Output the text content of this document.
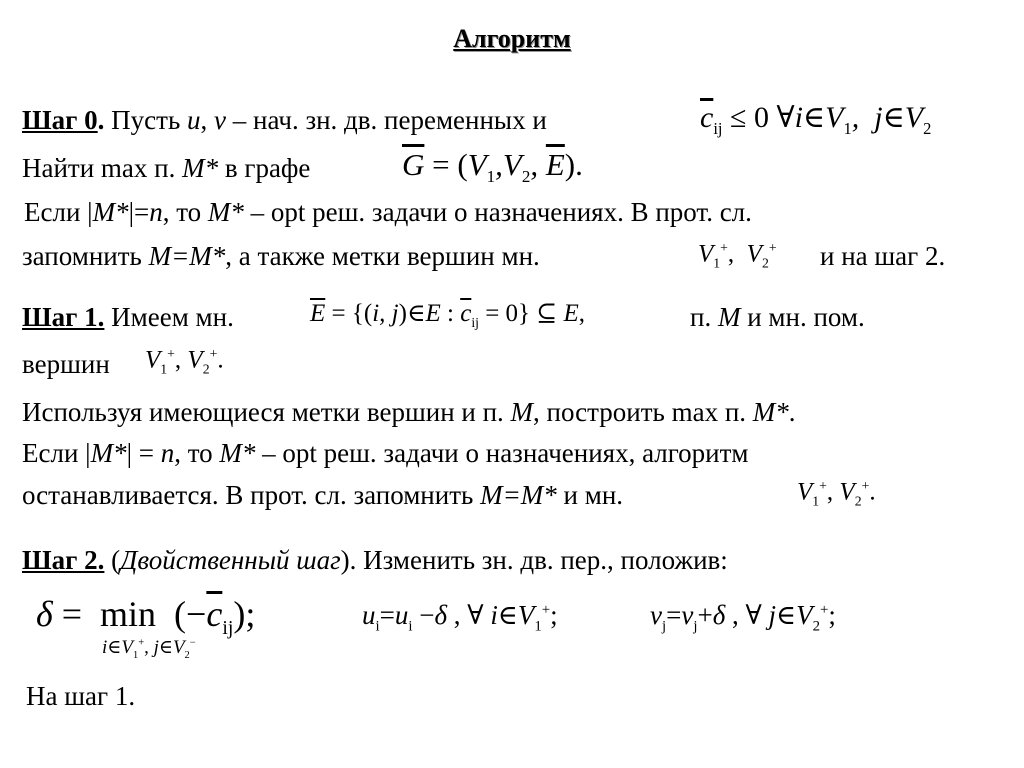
Алгоритм
Шаг 0. Пусть u, v – нач. зн. дв. переменных и	$\overline{c}_{ij} \le 0$ $\forall i\in V_1$,  $j\in V_2$
Найти max п. M* в графе	$\overline{G} = (V_1,V_2$, $\overline{E}$).
Если |M*|=n, то M* – opt реш. задачи о назначениях. В прот. сл.
запомнить M=M*, а также метки вершин мн.	$V_1^+$,  $V_2^+$ и на шаг 2.
Шаг 1. Имеем мн.	$\overline{E} = \{(i$, j)∈E : $\overline{c}_{ij} = 0$} ⊆ E,	п. M и мн. пом.
вершин $V_1^+$, $V_2^+$.
Используя имеющиеся метки вершин и п. M, построить max п. M*.
Если |M*| = n, то M* – opt реш. задачи о назначениях, алгоритм
останавливается. В прот. сл. запомнить M=M* и мн.	$V_1^+$, $V_2^+$.
Шаг 2. (Двойственный шаг). Изменить зн. дв. пер., положив:
$\delta = \min (-\overline{c}_{ij})$;
$i\in V_1^+$, $j\in V_2^-$
$u_i=u_i -\delta$ , ∀ $i\in V_1^+$;	$v_j=v_j+\delta$ , ∀ $j\in V_2^+$;
На шаг 1.
